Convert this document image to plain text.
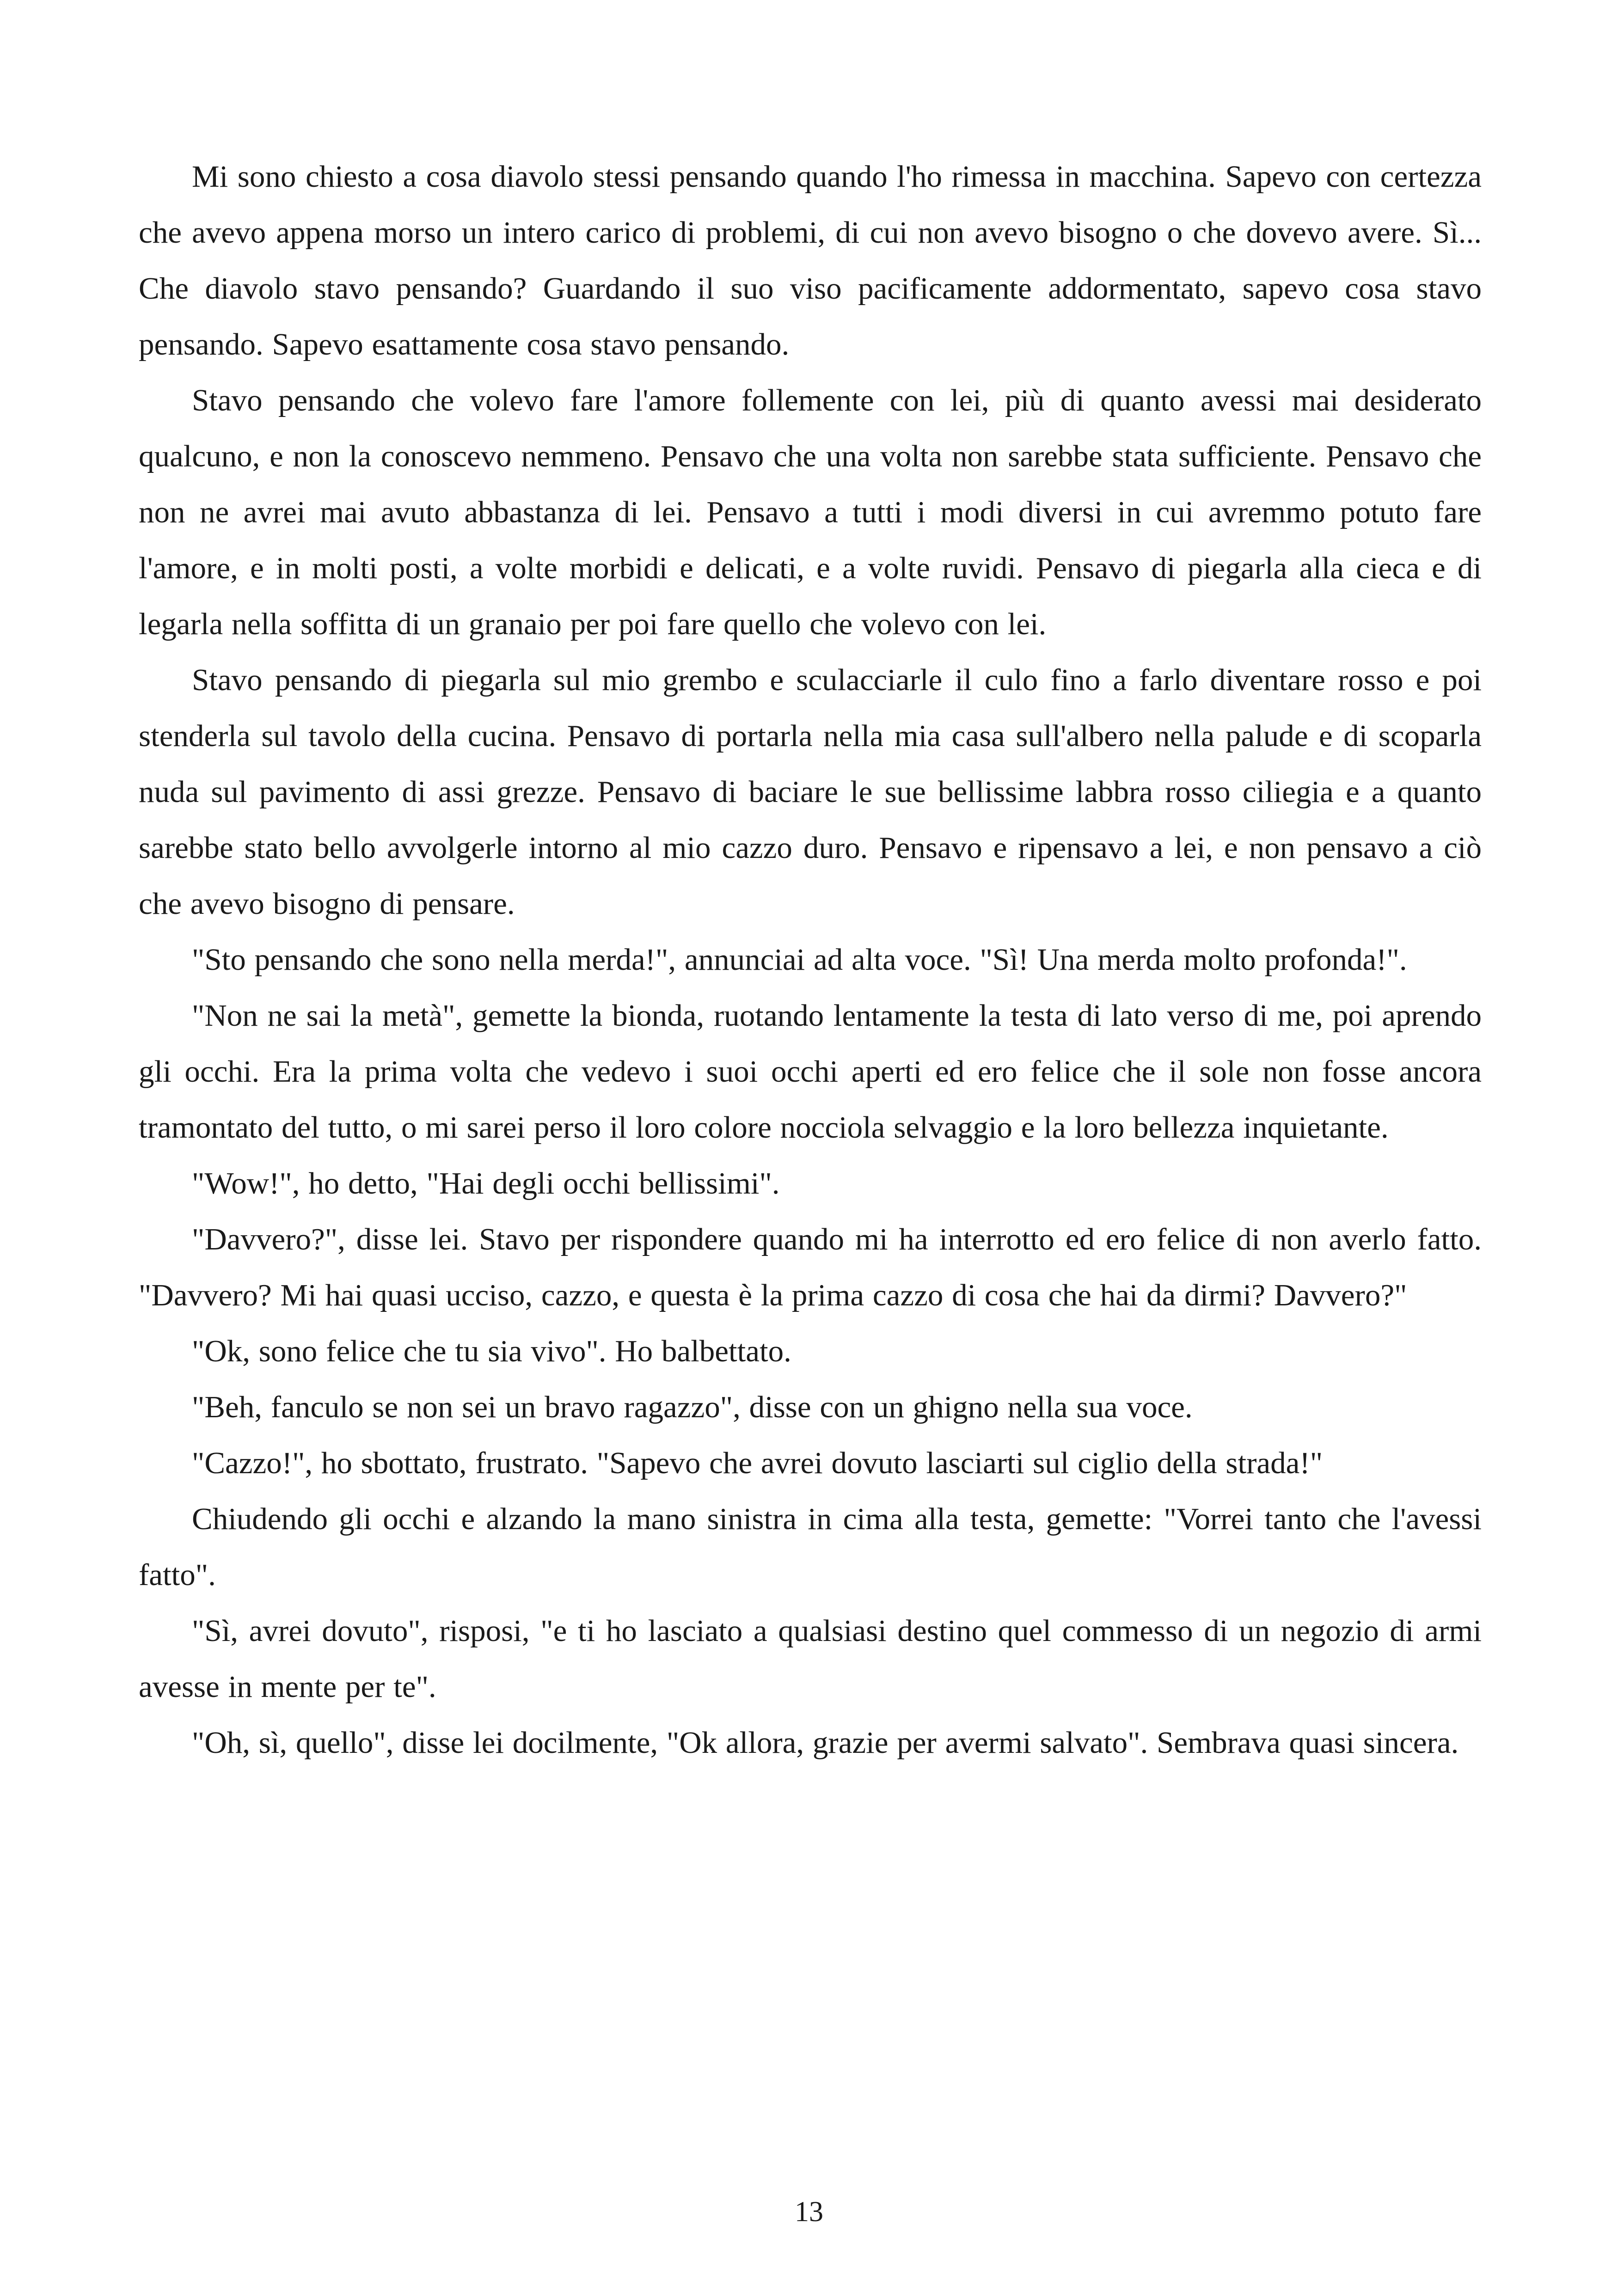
Mi sono chiesto a cosa diavolo stessi pensando quando l'ho rimessa in macchina. Sapevo con certezza che avevo appena morso un intero carico di problemi, di cui non avevo bisogno o che dovevo avere. Sì... Che diavolo stavo pensando? Guardando il suo viso pacificamente addormentato, sapevo cosa stavo pensando. Sapevo esattamente cosa stavo pensando.

Stavo pensando che volevo fare l'amore follemente con lei, più di quanto avessi mai desiderato qualcuno, e non la conoscevo nemmeno. Pensavo che una volta non sarebbe stata sufficiente. Pensavo che non ne avrei mai avuto abbastanza di lei. Pensavo a tutti i modi diversi in cui avremmo potuto fare l'amore, e in molti posti, a volte morbidi e delicati, e a volte ruvidi. Pensavo di piegarla alla cieca e di legarla nella soffitta di un granaio per poi fare quello che volevo con lei.

Stavo pensando di piegarla sul mio grembo e sculacciarle il culo fino a farlo diventare rosso e poi stenderla sul tavolo della cucina. Pensavo di portarla nella mia casa sull'albero nella palude e di scoparla nuda sul pavimento di assi grezze. Pensavo di baciare le sue bellissime labbra rosso ciliegia e a quanto sarebbe stato bello avvolgerle intorno al mio cazzo duro. Pensavo e ripensavo a lei, e non pensavo a ciò che avevo bisogno di pensare.

"Sto pensando che sono nella merda!", annunciai ad alta voce. "Sì! Una merda molto profonda!".

"Non ne sai la metà", gemette la bionda, ruotando lentamente la testa di lato verso di me, poi aprendo gli occhi. Era la prima volta che vedevo i suoi occhi aperti ed ero felice che il sole non fosse ancora tramontato del tutto, o mi sarei perso il loro colore nocciola selvaggio e la loro bellezza inquietante.

"Wow!", ho detto, "Hai degli occhi bellissimi".

"Davvero?", disse lei. Stavo per rispondere quando mi ha interrotto ed ero felice di non averlo fatto. "Davvero? Mi hai quasi ucciso, cazzo, e questa è la prima cazzo di cosa che hai da dirmi? Davvero?"

"Ok, sono felice che tu sia vivo". Ho balbettato.

"Beh, fanculo se non sei un bravo ragazzo", disse con un ghigno nella sua voce.

"Cazzo!", ho sbottato, frustrato. "Sapevo che avrei dovuto lasciarti sul ciglio della strada!"

Chiudendo gli occhi e alzando la mano sinistra in cima alla testa, gemette: "Vorrei tanto che l'avessi fatto".

"Sì, avrei dovuto", risposi, "e ti ho lasciato a qualsiasi destino quel commesso di un negozio di armi avesse in mente per te".

"Oh, sì, quello", disse lei docilmente, "Ok allora, grazie per avermi salvato". Sembrava quasi sincera.

13
